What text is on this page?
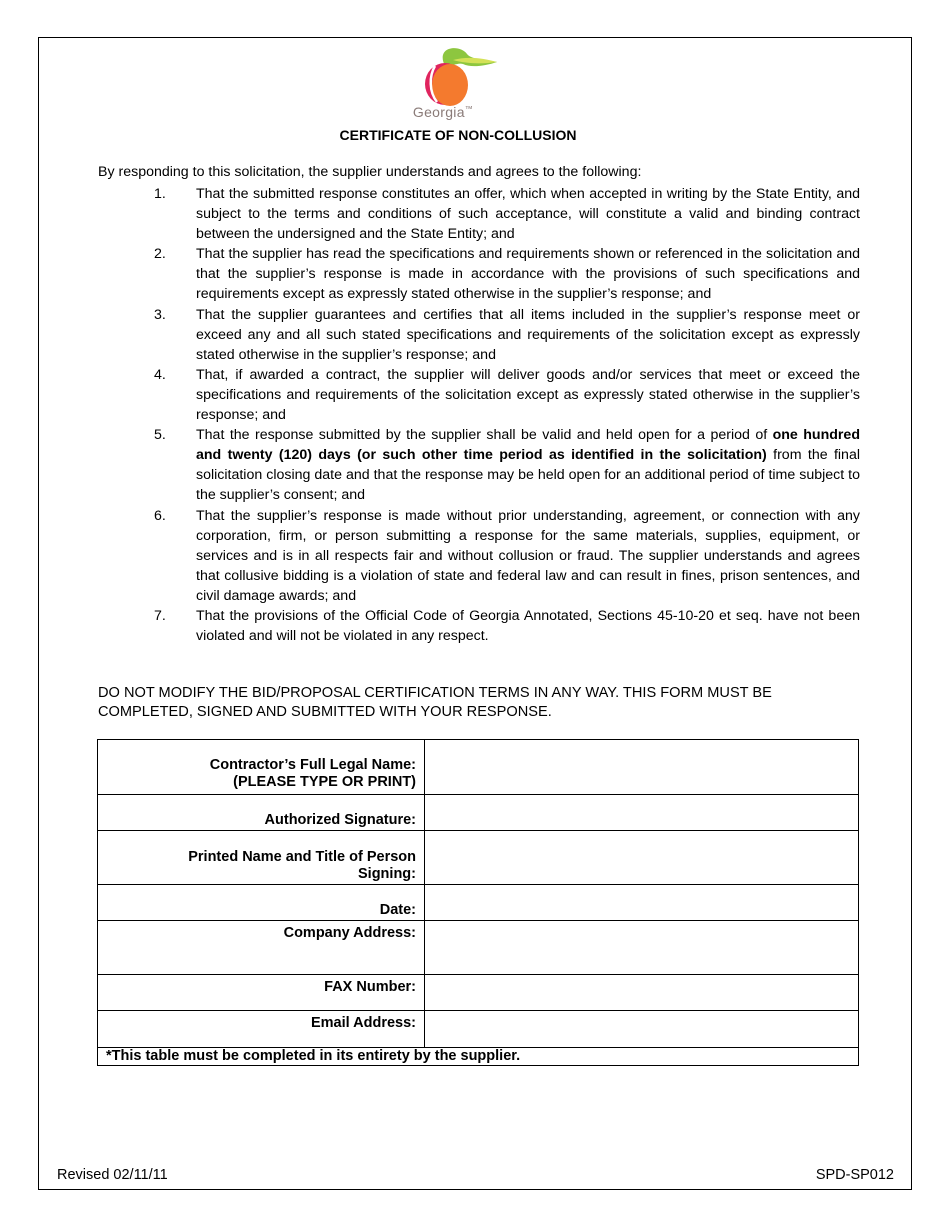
Georgia™
CERTIFICATE OF NON-COLLUSION
By responding to this solicitation, the supplier understands and agrees to the following:
1.	That the submitted response constitutes an offer, which when accepted in writing by the State Entity, and subject to the terms and conditions of such acceptance, will constitute a valid and binding contract between the undersigned and the State Entity; and
2.	That the supplier has read the specifications and requirements shown or referenced in the solicitation and that the supplier’s response is made in accordance with the provisions of such specifications and requirements except as expressly stated otherwise in the supplier’s response; and
3.	That the supplier guarantees and certifies that all items included in the supplier’s response meet or exceed any and all such stated specifications and requirements of the solicitation except as expressly stated otherwise in the supplier’s response; and
4.	That, if awarded a contract, the supplier will deliver goods and/or services that meet or exceed the specifications and requirements of the solicitation except as expressly stated otherwise in the supplier’s response; and
5.	That the response submitted by the supplier shall be valid and held open for a period of one hundred and twenty (120) days (or such other time period as identified in the solicitation) from the final solicitation closing date and that the response may be held open for an additional period of time subject to the supplier’s consent; and
6.	That the supplier’s response is made without prior understanding, agreement, or connection with any corporation, firm, or person submitting a response for the same materials, supplies, equipment, or services and is in all respects fair and without collusion or fraud. The supplier understands and agrees that collusive bidding is a violation of state and federal law and can result in fines, prison sentences, and civil damage awards; and
7.	That the provisions of the Official Code of Georgia Annotated, Sections 45-10-20 et seq. have not been violated and will not be violated in any respect.
DO NOT MODIFY THE BID/PROPOSAL CERTIFICATION TERMS IN ANY WAY. THIS FORM MUST BE
COMPLETED, SIGNED AND SUBMITTED WITH YOUR RESPONSE.
Contractor’s Full Legal Name:
(PLEASE TYPE OR PRINT)	

Authorized Signature:	

Printed Name and Title of Person
Signing:	

Date:	
Company Address:	
FAX Number:	
Email Address:	
*This table must be completed in its entirety by the supplier.	
Revised 02/11/11	SPD-SP012
